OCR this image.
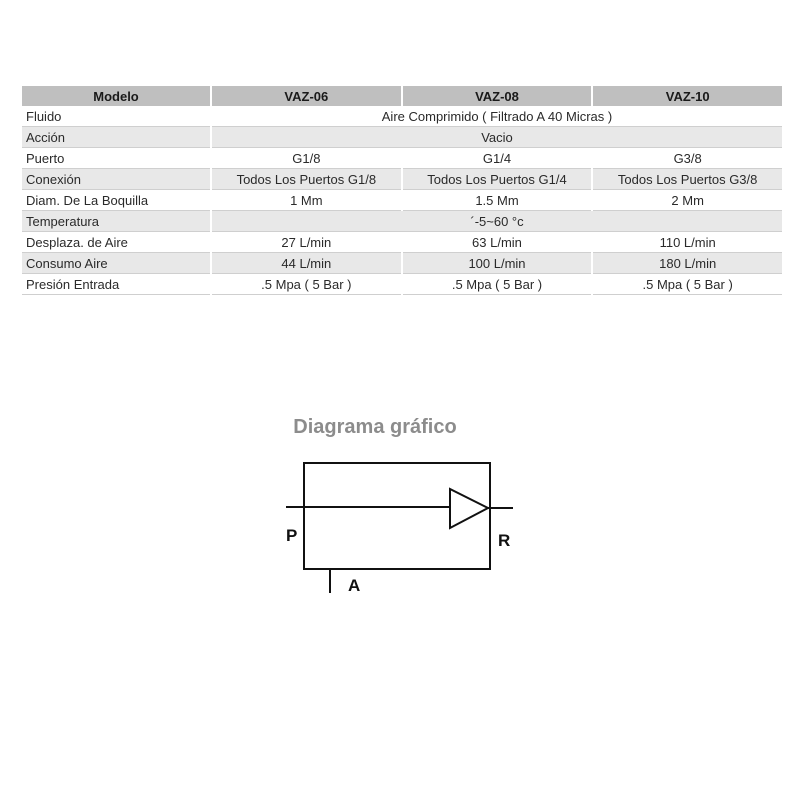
Modelo	VAZ-06	VAZ-08	VAZ-10
Fluido	Aire Comprimido ( Filtrado A 40 Micras )		
Acción	Vacio		
Puerto	G1/8	G1/4	G3/8
Conexión	Todos Los Puertos G1/8	Todos Los Puertos G1/4	Todos Los Puertos G3/8
Diam. De La Boquilla	1 Mm	1.5 Mm	2 Mm
Temperatura	´-5~60 °c		
Desplaza. de Aire	27 L/min	63 L/min	110 L/min
Consumo Aire	44 L/min	100 L/min	180 L/min
Presión Entrada	.5 Mpa ( 5 Bar )	.5 Mpa ( 5 Bar )	.5 Mpa ( 5 Bar )
Diagrama gráfico
P	R
A
